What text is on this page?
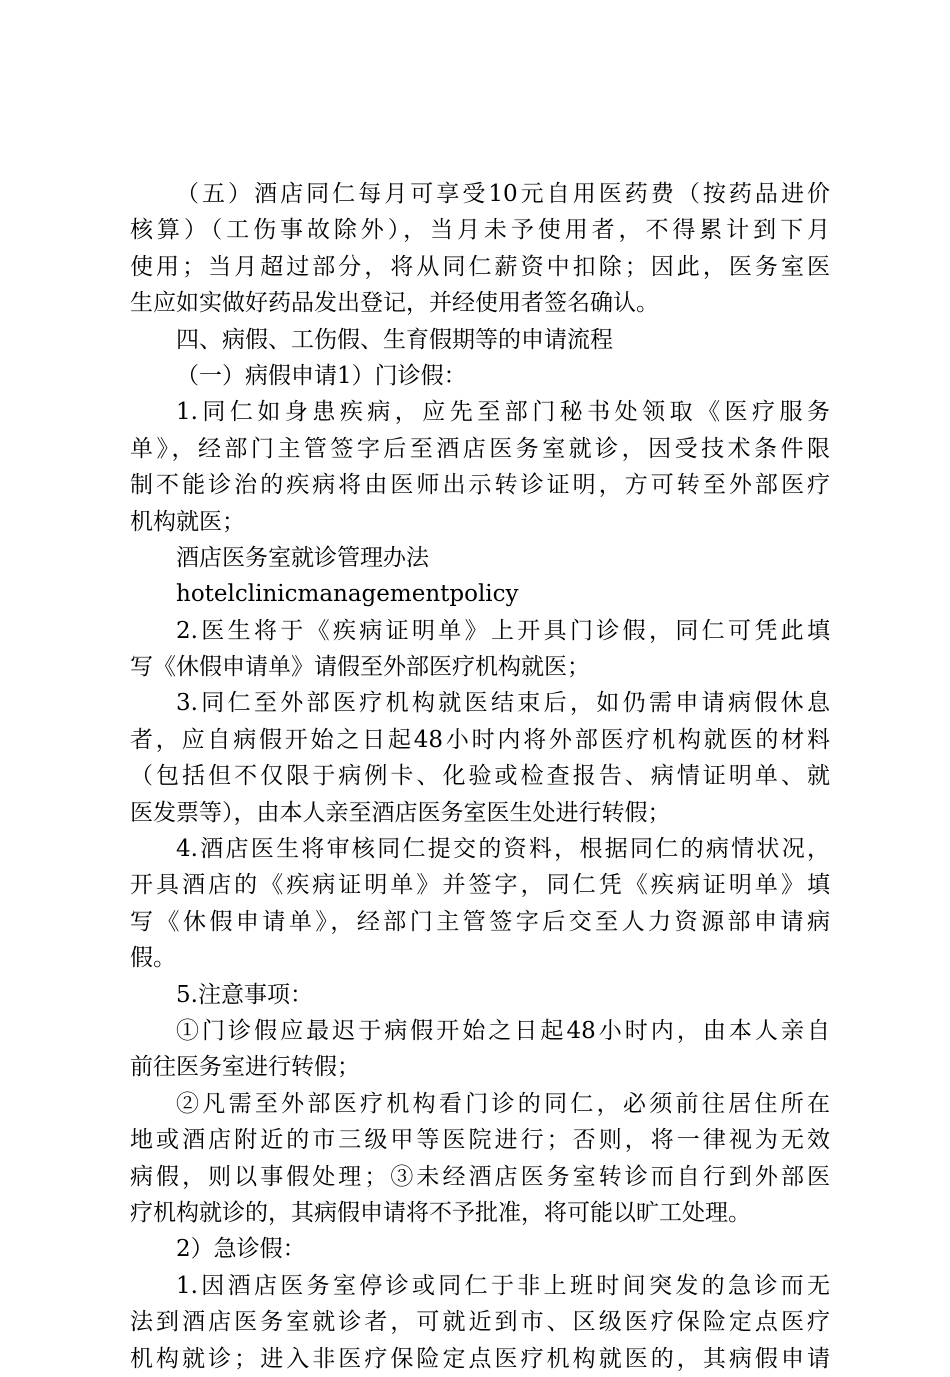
（五）酒店同仁每月可享受10元自用医药费（按药品进价
核算）（工伤事故除外），当月未予使用者，不得累计到下月
使用；当月超过部分，将从同仁薪资中扣除；因此，医务室医
生应如实做好药品发出登记，并经使用者签名确认。
四、病假、工伤假、生育假期等的申请流程
（一）病假申请1）门诊假：
1.同仁如身患疾病，应先至部门秘书处领取《医疗服务
单》，经部门主管签字后至酒店医务室就诊，因受技术条件限
制不能诊治的疾病将由医师出示转诊证明，方可转至外部医疗
机构就医；
酒店医务室就诊管理办法
hotelclinicmanagementpolicy
2.医生将于《疾病证明单》上开具门诊假，同仁可凭此填
写《休假申请单》请假至外部医疗机构就医；
3.同仁至外部医疗机构就医结束后，如仍需申请病假休息
者，应自病假开始之日起48小时内将外部医疗机构就医的材料
（包括但不仅限于病例卡、化验或检查报告、病情证明单、就
医发票等），由本人亲至酒店医务室医生处进行转假；
4.酒店医生将审核同仁提交的资料，根据同仁的病情状况，
开具酒店的《疾病证明单》并签字，同仁凭《疾病证明单》填
写《休假申请单》，经部门主管签字后交至人力资源部申请病
假。
5.注意事项：
①门诊假应最迟于病假开始之日起48小时内，由本人亲自
前往医务室进行转假；
②凡需至外部医疗机构看门诊的同仁，必须前往居住所在
地或酒店附近的市三级甲等医院进行；否则，将一律视为无效
病假，则以事假处理；③未经酒店医务室转诊而自行到外部医
疗机构就诊的，其病假申请将不予批准，将可能以旷工处理。
2）急诊假：
1.因酒店医务室停诊或同仁于非上班时间突发的急诊而无
法到酒店医务室就诊者，可就近到市、区级医疗保险定点医疗
机构就诊；进入非医疗保险定点医疗机构就医的，其病假申请
